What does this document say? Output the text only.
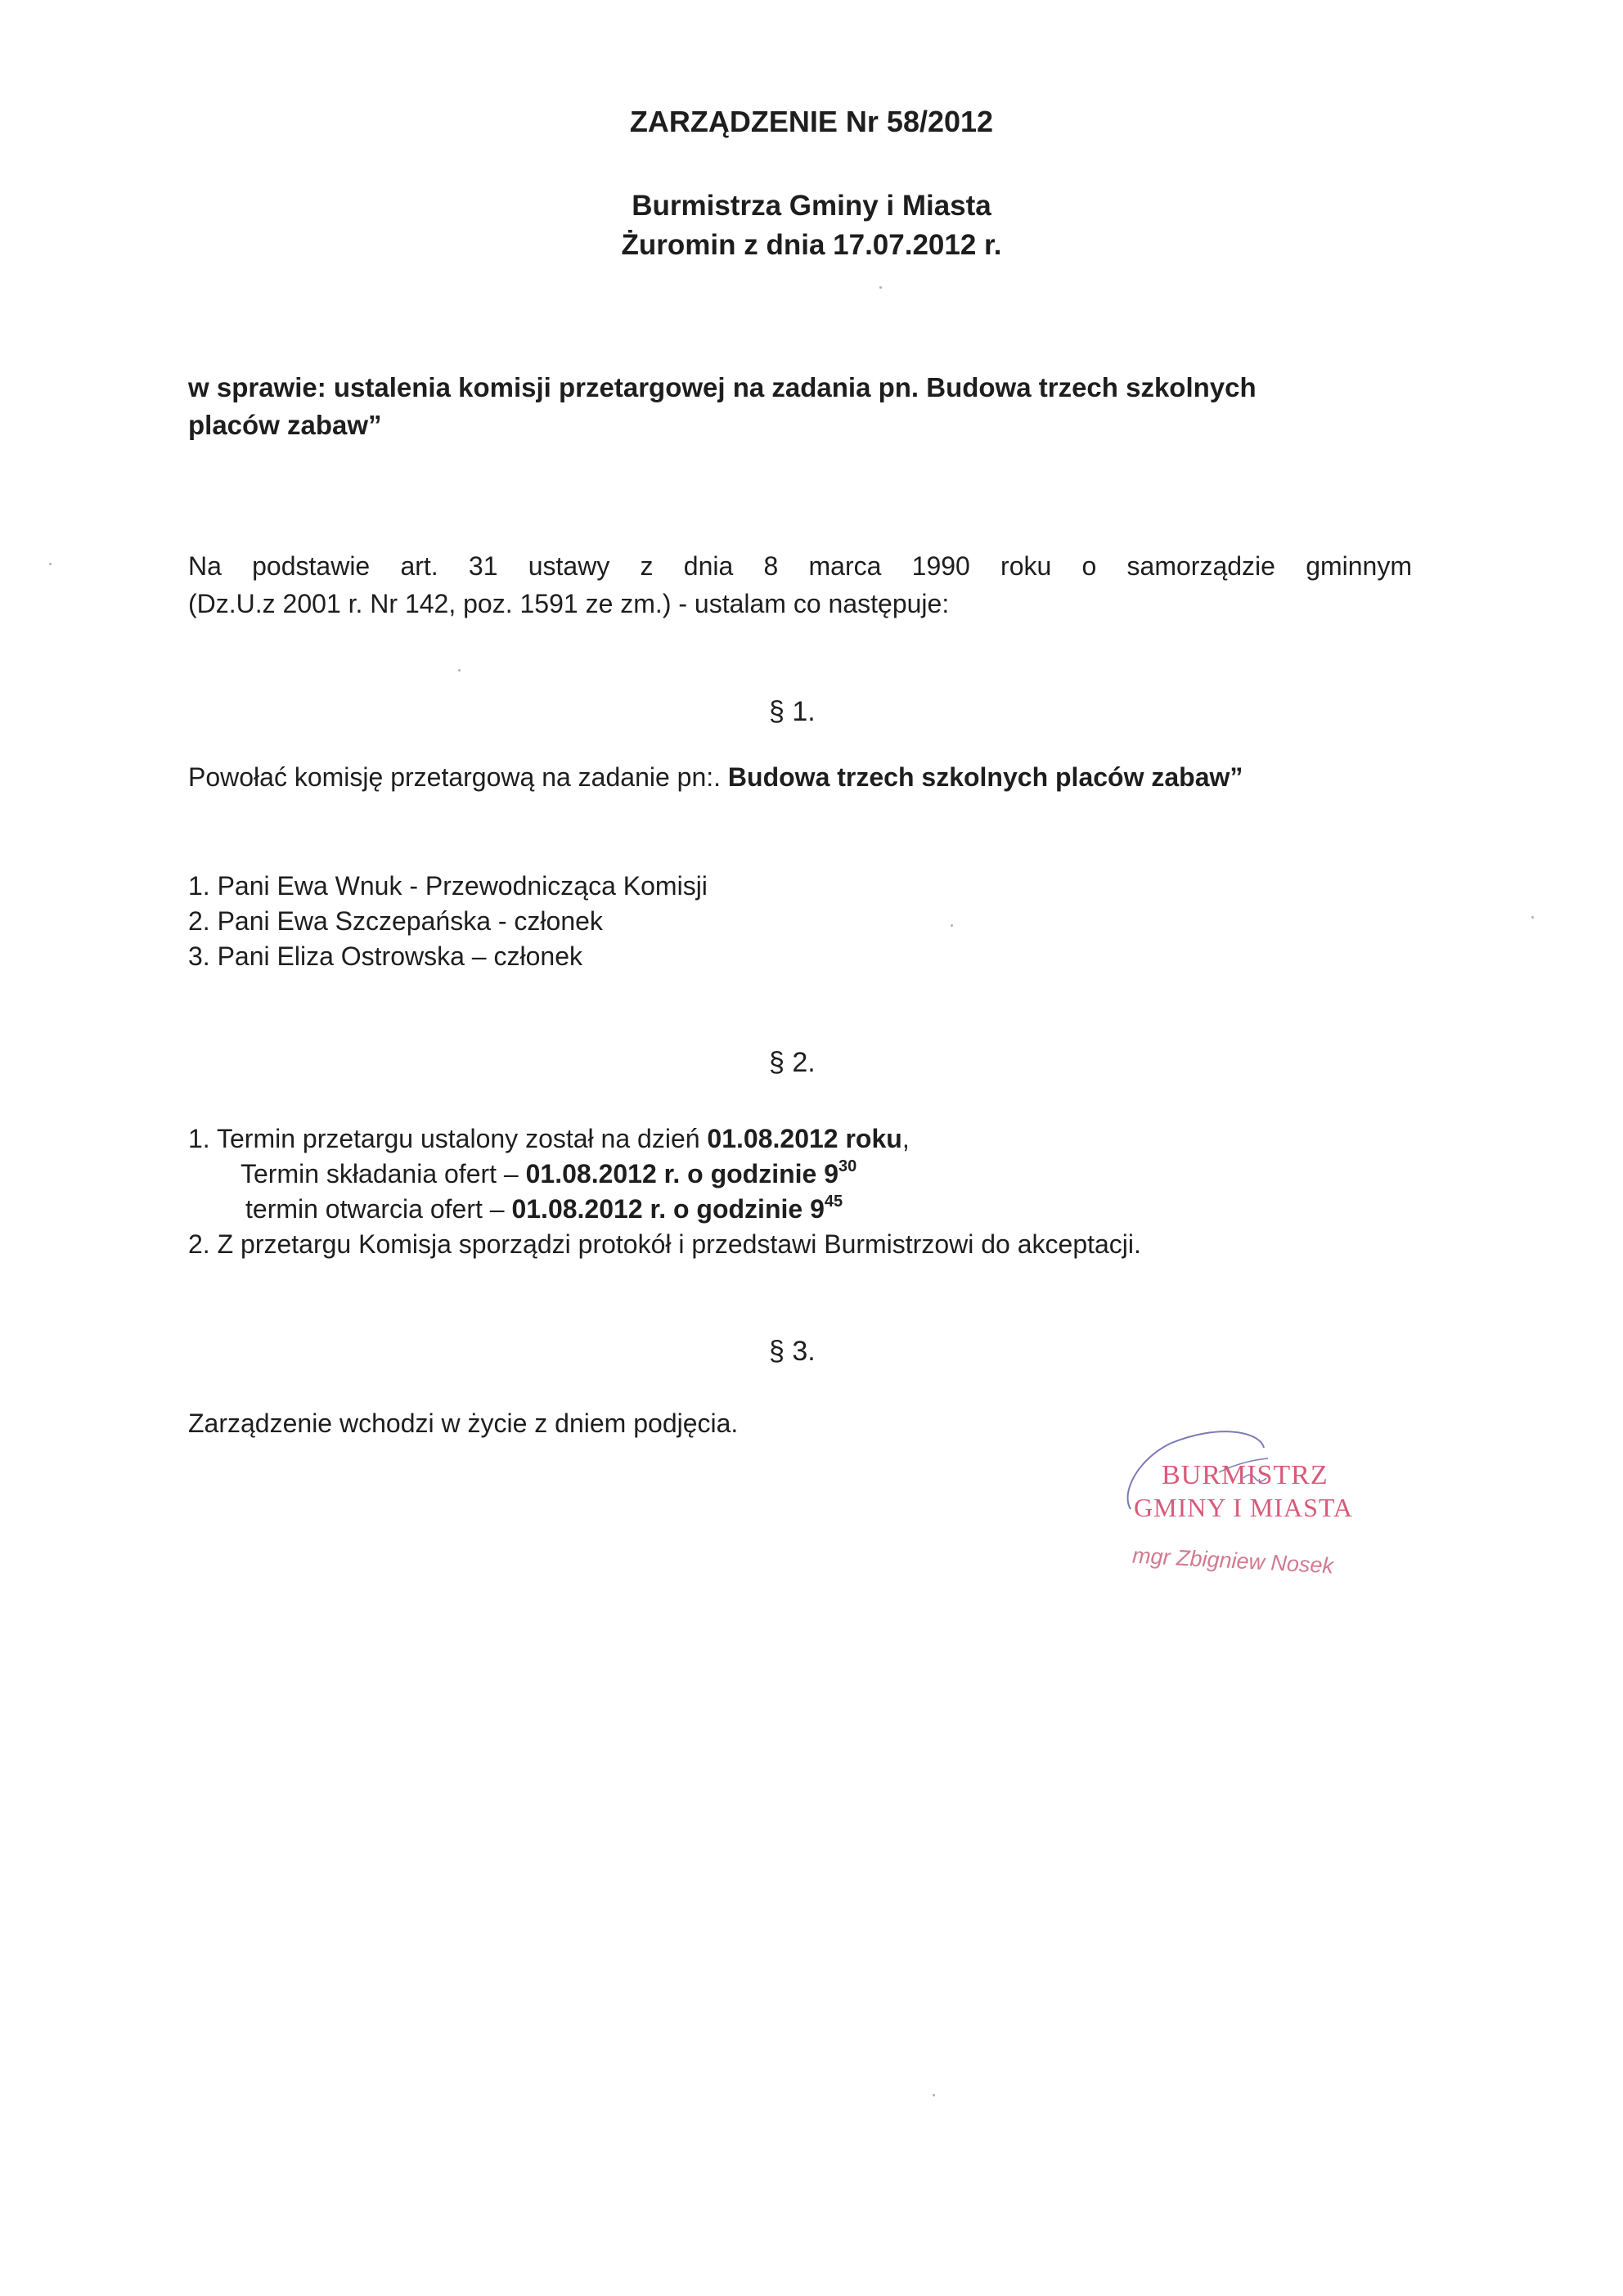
ZARZĄDZENIE Nr 58/2012
Burmistrza Gminy i Miasta
Żuromin z dnia 17.07.2012 r.
w sprawie: ustalenia komisji przetargowej na zadania pn. Budowa trzech szkolnych
placów zabaw”
Na podstawie art. 31 ustawy z dnia 8 marca 1990 roku o samorządzie gminnym
(Dz.U.z 2001 r. Nr 142, poz. 1591 ze zm.) - ustalam co następuje:
§ 1.
Powołać komisję przetargową na zadanie pn:. Budowa trzech szkolnych placów zabaw”
1. Pani Ewa Wnuk - Przewodnicząca Komisji
2. Pani Ewa Szczepańska - członek
3. Pani Eliza Ostrowska – członek
§ 2.
1. Termin przetargu ustalony został na dzień 01.08.2012 roku,
Termin składania ofert – 01.08.2012 r. o godzinie $9^{30}$
termin otwarcia ofert – 01.08.2012 r. o godzinie $9^{45}$
2. Z przetargu Komisja sporządzi protokół i przedstawi Burmistrzowi do akceptacji.
§ 3.
Zarządzenie wchodzi w życie z dniem podjęcia.
BURMISTRZ
GMINY I MIASTA
mgr Zbigniew Nosek
